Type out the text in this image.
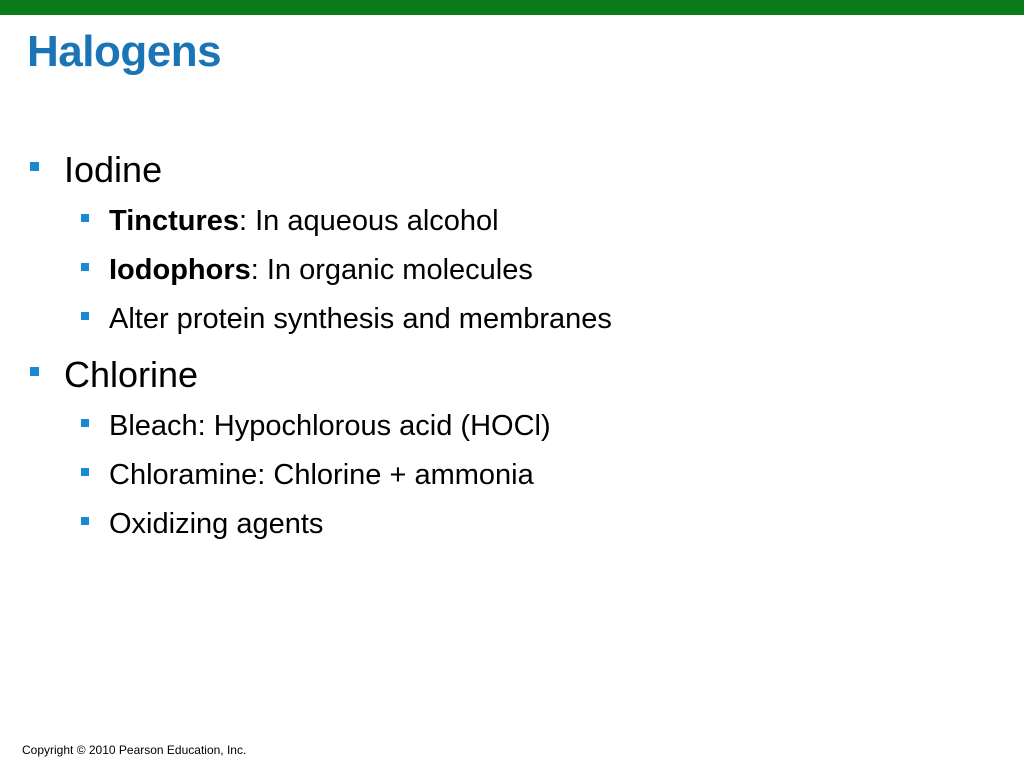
Halogens
Iodine
Tinctures: In aqueous alcohol
Iodophors: In organic molecules
Alter protein synthesis and membranes
Chlorine
Bleach: Hypochlorous acid (HOCl)
Chloramine: Chlorine + ammonia
Oxidizing agents
Copyright © 2010 Pearson Education, Inc.
